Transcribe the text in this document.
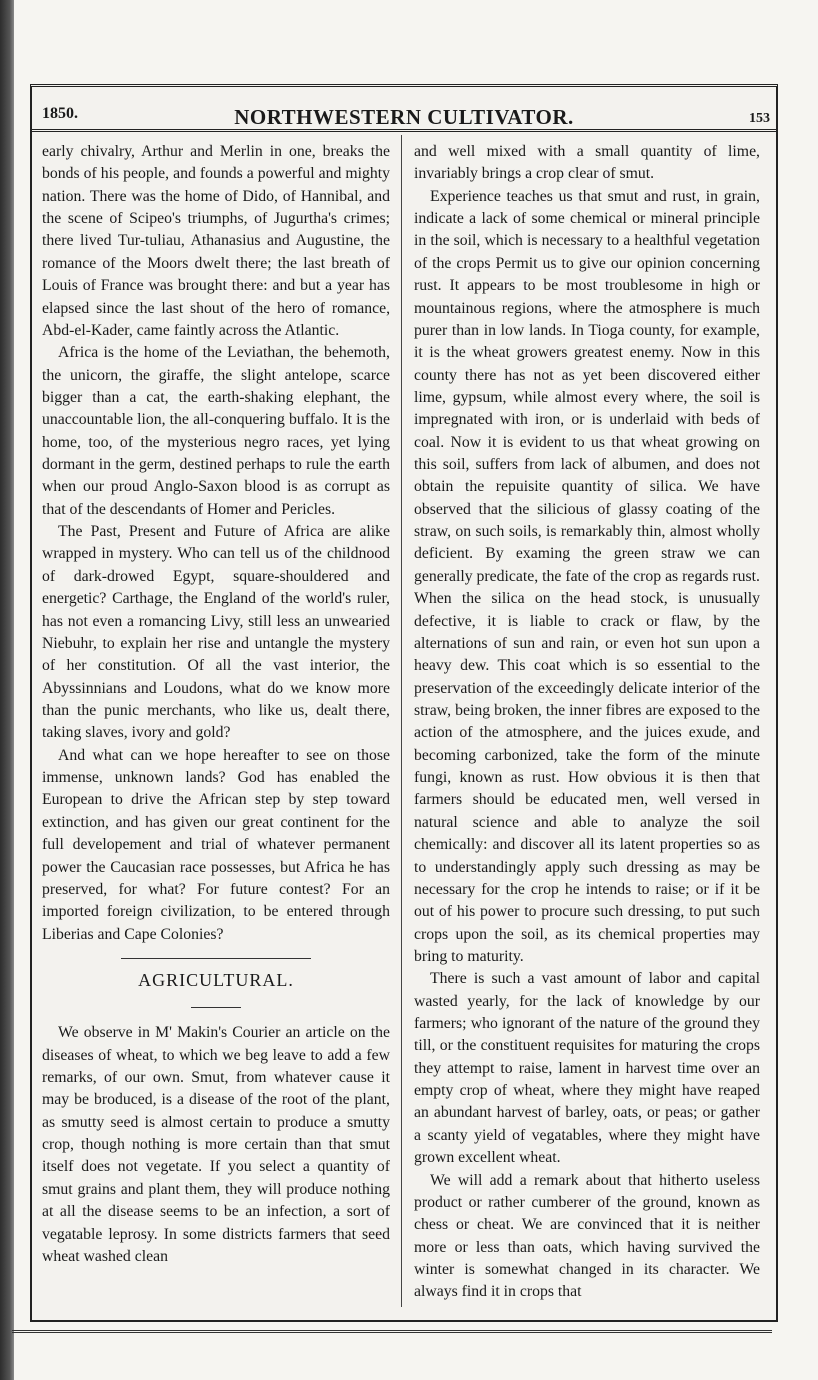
1850.	NORTHWESTERN CULTIVATOR.	153

early chivalry, Arthur and Merlin in one, breaks the bonds of his people, and founds a powerful and mighty nation. There was the home of Dido, of Hannibal, and the scene of Scipeo's triumphs, of Jugurtha's crimes; there lived Tur-tuliau, Athanasius and Augustine, the romance of the Moors dwelt there; the last breath of Louis of France was brought there: and but a year has elapsed since the last shout of the hero of romance, Abd-el-Kader, came faintly across the Atlantic.

Africa is the home of the Leviathan, the behemoth, the unicorn, the giraffe, the slight antelope, scarce bigger than a cat, the earth-shaking elephant, the unaccountable lion, the all-conquering buffalo. It is the home, too, of the mysterious negro races, yet lying dormant in the germ, destined perhaps to rule the earth when our proud Anglo-Saxon blood is as corrupt as that of the descendants of Homer and Pericles.

The Past, Present and Future of Africa are alike wrapped in mystery. Who can tell us of the childnood of dark-drowed Egypt, square-shouldered and energetic? Carthage, the England of the world's ruler, has not even a romancing Livy, still less an unwearied Niebuhr, to explain her rise and untangle the mystery of her constitution. Of all the vast interior, the Abyssinnians and Loudons, what do we know more than the punic merchants, who like us, dealt there, taking slaves, ivory and gold?

And what can we hope hereafter to see on those immense, unknown lands? God has enabled the European to drive the African step by step toward extinction, and has given our great continent for the full developement and trial of whatever permanent power the Caucasian race possesses, but Africa he has preserved, for what? For future contest? For an imported foreign civilization, to be entered through Liberias and Cape Colonies?

AGRICULTURAL.

We observe in M' Makin's Courier an article on the diseases of wheat, to which we beg leave to add a few remarks, of our own. Smut, from whatever cause it may be broduced, is a disease of the root of the plant, as smutty seed is almost certain to produce a smutty crop, though nothing is more certain than that smut itself does not vegetate. If you select a quantity of smut grains and plant them, they will produce nothing at all the disease seems to be an infection, a sort of vegatable leprosy. In some districts farmers that seed wheat washed clean

and well mixed with a small quantity of lime, invariably brings a crop clear of smut.

Experience teaches us that smut and rust, in grain, indicate a lack of some chemical or mineral principle in the soil, which is necessary to a healthful vegetation of the crops Permit us to give our opinion concerning rust. It appears to be most troublesome in high or mountainous regions, where the atmosphere is much purer than in low lands. In Tioga county, for example, it is the wheat growers greatest enemy. Now in this county there has not as yet been discovered either lime, gypsum, while almost every where, the soil is impregnated with iron, or is underlaid with beds of coal. Now it is evident to us that wheat growing on this soil, suffers from lack of albumen, and does not obtain the repuisite quantity of silica. We have observed that the silicious of glassy coating of the straw, on such soils, is remarkably thin, almost wholly deficient. By examing the green straw we can generally predicate, the fate of the crop as regards rust. When the silica on the head stock, is unusually defective, it is liable to crack or flaw, by the alternations of sun and rain, or even hot sun upon a heavy dew. This coat which is so essential to the preservation of the exceedingly delicate interior of the straw, being broken, the inner fibres are exposed to the action of the atmosphere, and the juices exude, and becoming carbonized, take the form of the minute fungi, known as rust. How obvious it is then that farmers should be educated men, well versed in natural science and able to analyze the soil chemically: and discover all its latent properties so as to understandingly apply such dressing as may be necessary for the crop he intends to raise; or if it be out of his power to procure such dressing, to put such crops upon the soil, as its chemical properties may bring to maturity.

There is such a vast amount of labor and capital wasted yearly, for the lack of knowledge by our farmers; who ignorant of the nature of the ground they till, or the constituent requisites for maturing the crops they attempt to raise, lament in harvest time over an empty crop of wheat, where they might have reaped an abundant harvest of barley, oats, or peas; or gather a scanty yield of vegatables, where they might have grown excellent wheat.

We will add a remark about that hitherto useless product or rather cumberer of the ground, known as chess or cheat. We are convinced that it is neither more or less than oats, which having survived the winter is somewhat changed in its character. We always find it in crops that
